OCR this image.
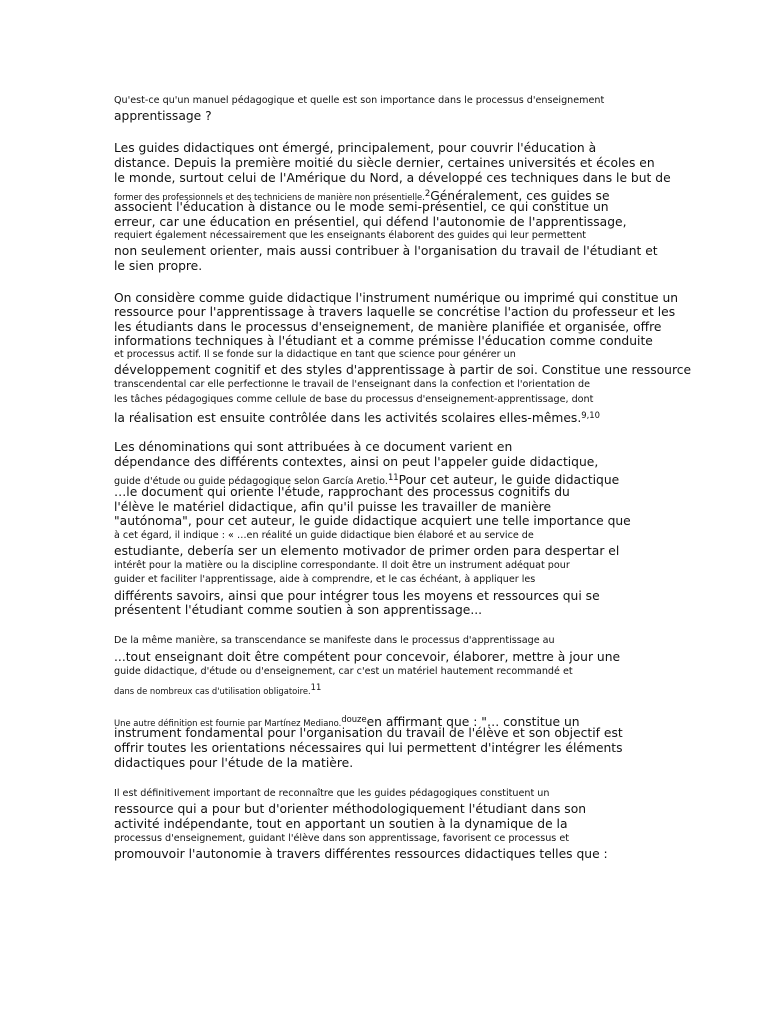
Qu'est-ce qu'un manuel pédagogique et quelle est son importance dans le processus d'enseignement
apprentissage ?
Les guides didactiques ont émergé, principalement, pour couvrir l'éducation à
distance. Depuis la première moitié du siècle dernier, certaines universités et écoles en
le monde, surtout celui de l'Amérique du Nord, a développé ces techniques dans le but de
former des professionnels et des techniciens de manière non présentielle.$^2$Généralement, ces guides se
associent l'éducation à distance ou le mode semi-présentiel, ce qui constitue un
erreur, car une éducation en présentiel, qui défend l'autonomie de l'apprentissage,
requiert également nécessairement que les enseignants élaborent des guides qui leur permettent
non seulement orienter, mais aussi contribuer à l'organisation du travail de l'étudiant et
le sien propre.
On considère comme guide didactique l'instrument numérique ou imprimé qui constitue un
ressource pour l'apprentissage à travers laquelle se concrétise l'action du professeur et les
les étudiants dans le processus d'enseignement, de manière planifiée et organisée, offre
informations techniques à l'étudiant et a comme prémisse l'éducation comme conduite
et processus actif. Il se fonde sur la didactique en tant que science pour générer un
développement cognitif et des styles d'apprentissage à partir de soi. Constitue une ressource
transcendental car elle perfectionne le travail de l'enseignant dans la confection et l'orientation de
les tâches pédagogiques comme cellule de base du processus d'enseignement-apprentissage, dont
la réalisation est ensuite contrôlée dans les activités scolaires elles-mêmes.$^{9,10}$
Les dénominations qui sont attribuées à ce document varient en
dépendance des différents contextes, ainsi on peut l'appeler guide didactique,
guide d'étude ou guide pédagogique selon García Aretio.$^{11}$Pour cet auteur, le guide didactique
…le document qui oriente l'étude, rapprochant des processus cognitifs du
l'élève le matériel didactique, afin qu'il puisse les travailler de manière
"autónoma", pour cet auteur, le guide didactique acquiert une telle importance que
à cet égard, il indique : « …en réalité un guide didactique bien élaboré et au service de
estudiante, debería ser un elemento motivador de primer orden para despertar el
intérêt pour la matière ou la discipline correspondante. Il doit être un instrument adéquat pour
guider et faciliter l'apprentissage, aide à comprendre, et le cas échéant, à appliquer les
différents savoirs, ainsi que pour intégrer tous les moyens et ressources qui se
présentent l'étudiant comme soutien à son apprentissage...
De la même manière, sa transcendance se manifeste dans le processus d'apprentissage au
...tout enseignant doit être compétent pour concevoir, élaborer, mettre à jour une
guide didactique, d'étude ou d'enseignement, car c'est un matériel hautement recommandé et
dans de nombreux cas d'utilisation obligatoire.$^{11}$
Une autre définition est fournie par Martínez Mediano.$^{douze}$en affirmant que : "… constitue un
instrument fondamental pour l'organisation du travail de l'élève et son objectif est
offrir toutes les orientations nécessaires qui lui permettent d'intégrer les éléments
didactiques pour l'étude de la matière.
Il est définitivement important de reconnaître que les guides pédagogiques constituent un
ressource qui a pour but d'orienter méthodologiquement l'étudiant dans son
activité indépendante, tout en apportant un soutien à la dynamique de la
processus d'enseignement, guidant l'élève dans son apprentissage, favorisent ce processus et
promouvoir l'autonomie à travers différentes ressources didactiques telles que :
